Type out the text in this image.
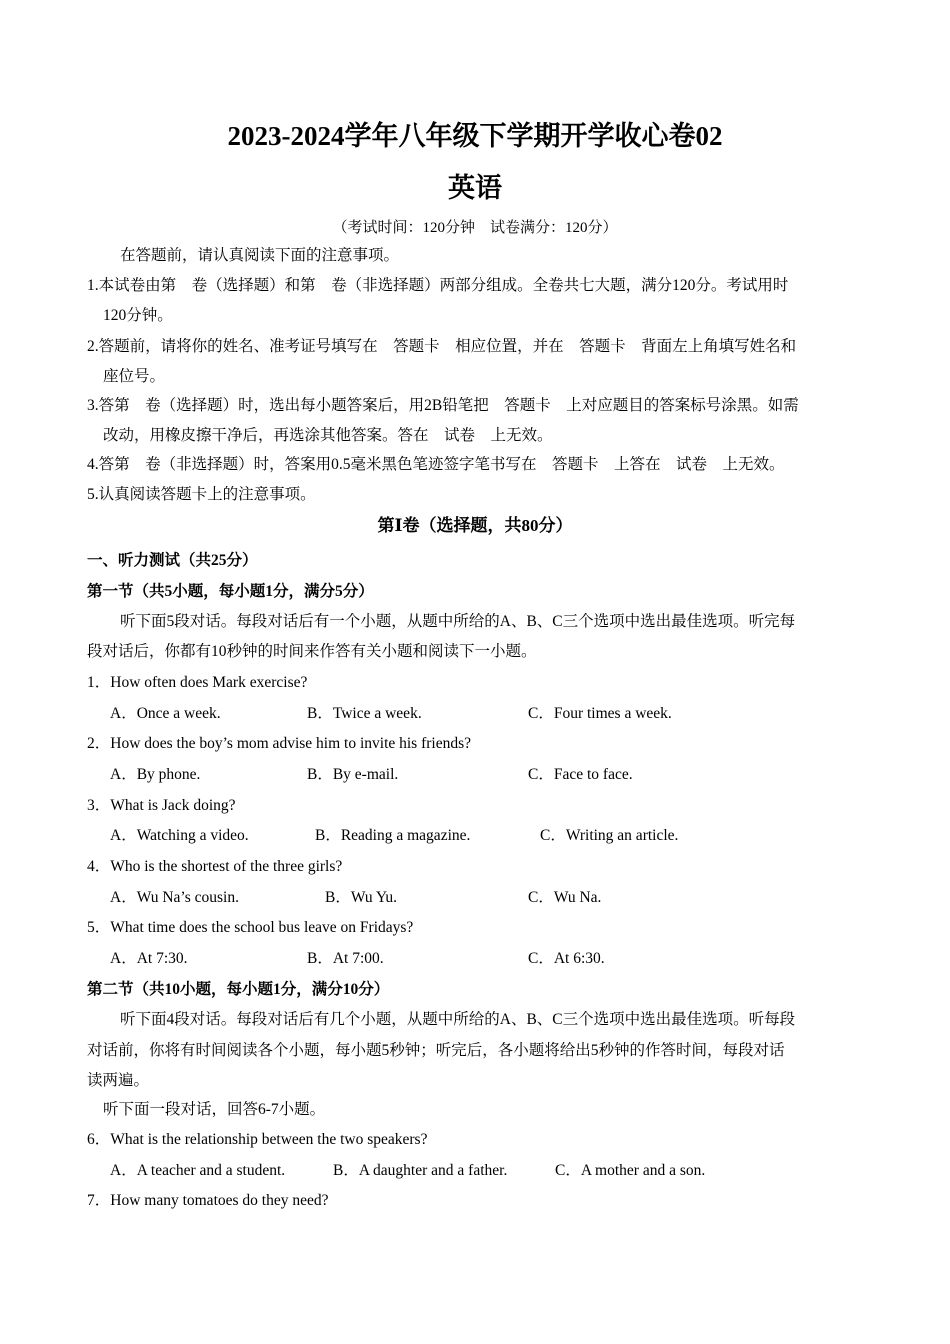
2023-2024学年八年级下学期开学收心卷02
英语
（考试时间：120分钟　试卷满分：120分）
在答题前，请认真阅读下面的注意事项。
1.本试卷由第　卷（选择题）和第　卷（非选择题）两部分组成。全卷共七大题，满分120分。考试用时
120分钟。
2.答题前，请将你的姓名、准考证号填写在　答题卡　相应位置，并在　答题卡　背面左上角填写姓名和
座位号。
3.答第　卷（选择题）时，选出每小题答案后，用2B铅笔把　答题卡　上对应题目的答案标号涂黑。如需
改动，用橡皮擦干净后，再选涂其他答案。答在　试卷　上无效。
4.答第　卷（非选择题）时，答案用0.5毫米黑色笔迹签字笔书写在　答题卡　上答在　试卷　上无效。
5.认真阅读答题卡上的注意事项。
第Ⅰ卷（选择题，共80分）
一、听力测试（共25分）
第一节（共5小题，每小题1分，满分5分）
听下面5段对话。每段对话后有一个小题，从题中所给的A、B、C三个选项中选出最佳选项。听完每
段对话后，你都有10秒钟的时间来作答有关小题和阅读下一小题。
1．How often does Mark exercise?
A．Once a week.	B．Twice a week.	C．Four times a week.
2．How does the boy’s mom advise him to invite his friends?
A．By phone.	B．By e-mail.	C．Face to face.
3．What is Jack doing?
A．Watching a video.	B．Reading a magazine.	C．Writing an article.
4．Who is the shortest of the three girls?
A．Wu Na’s cousin.	B．Wu Yu.	C．Wu Na.
5．What time does the school bus leave on Fridays?
A．At 7:30.	B．At 7:00.	C．At 6:30.
第二节（共10小题，每小题1分，满分10分）
听下面4段对话。每段对话后有几个小题，从题中所给的A、B、C三个选项中选出最佳选项。听每段
对话前，你将有时间阅读各个小题，每小题5秒钟；听完后，各小题将给出5秒钟的作答时间，每段对话
读两遍。
听下面一段对话，回答6-7小题。
6．What is the relationship between the two speakers?
A．A teacher and a student.	B．A daughter and a father.	C．A mother and a son.
7．How many tomatoes do they need?
